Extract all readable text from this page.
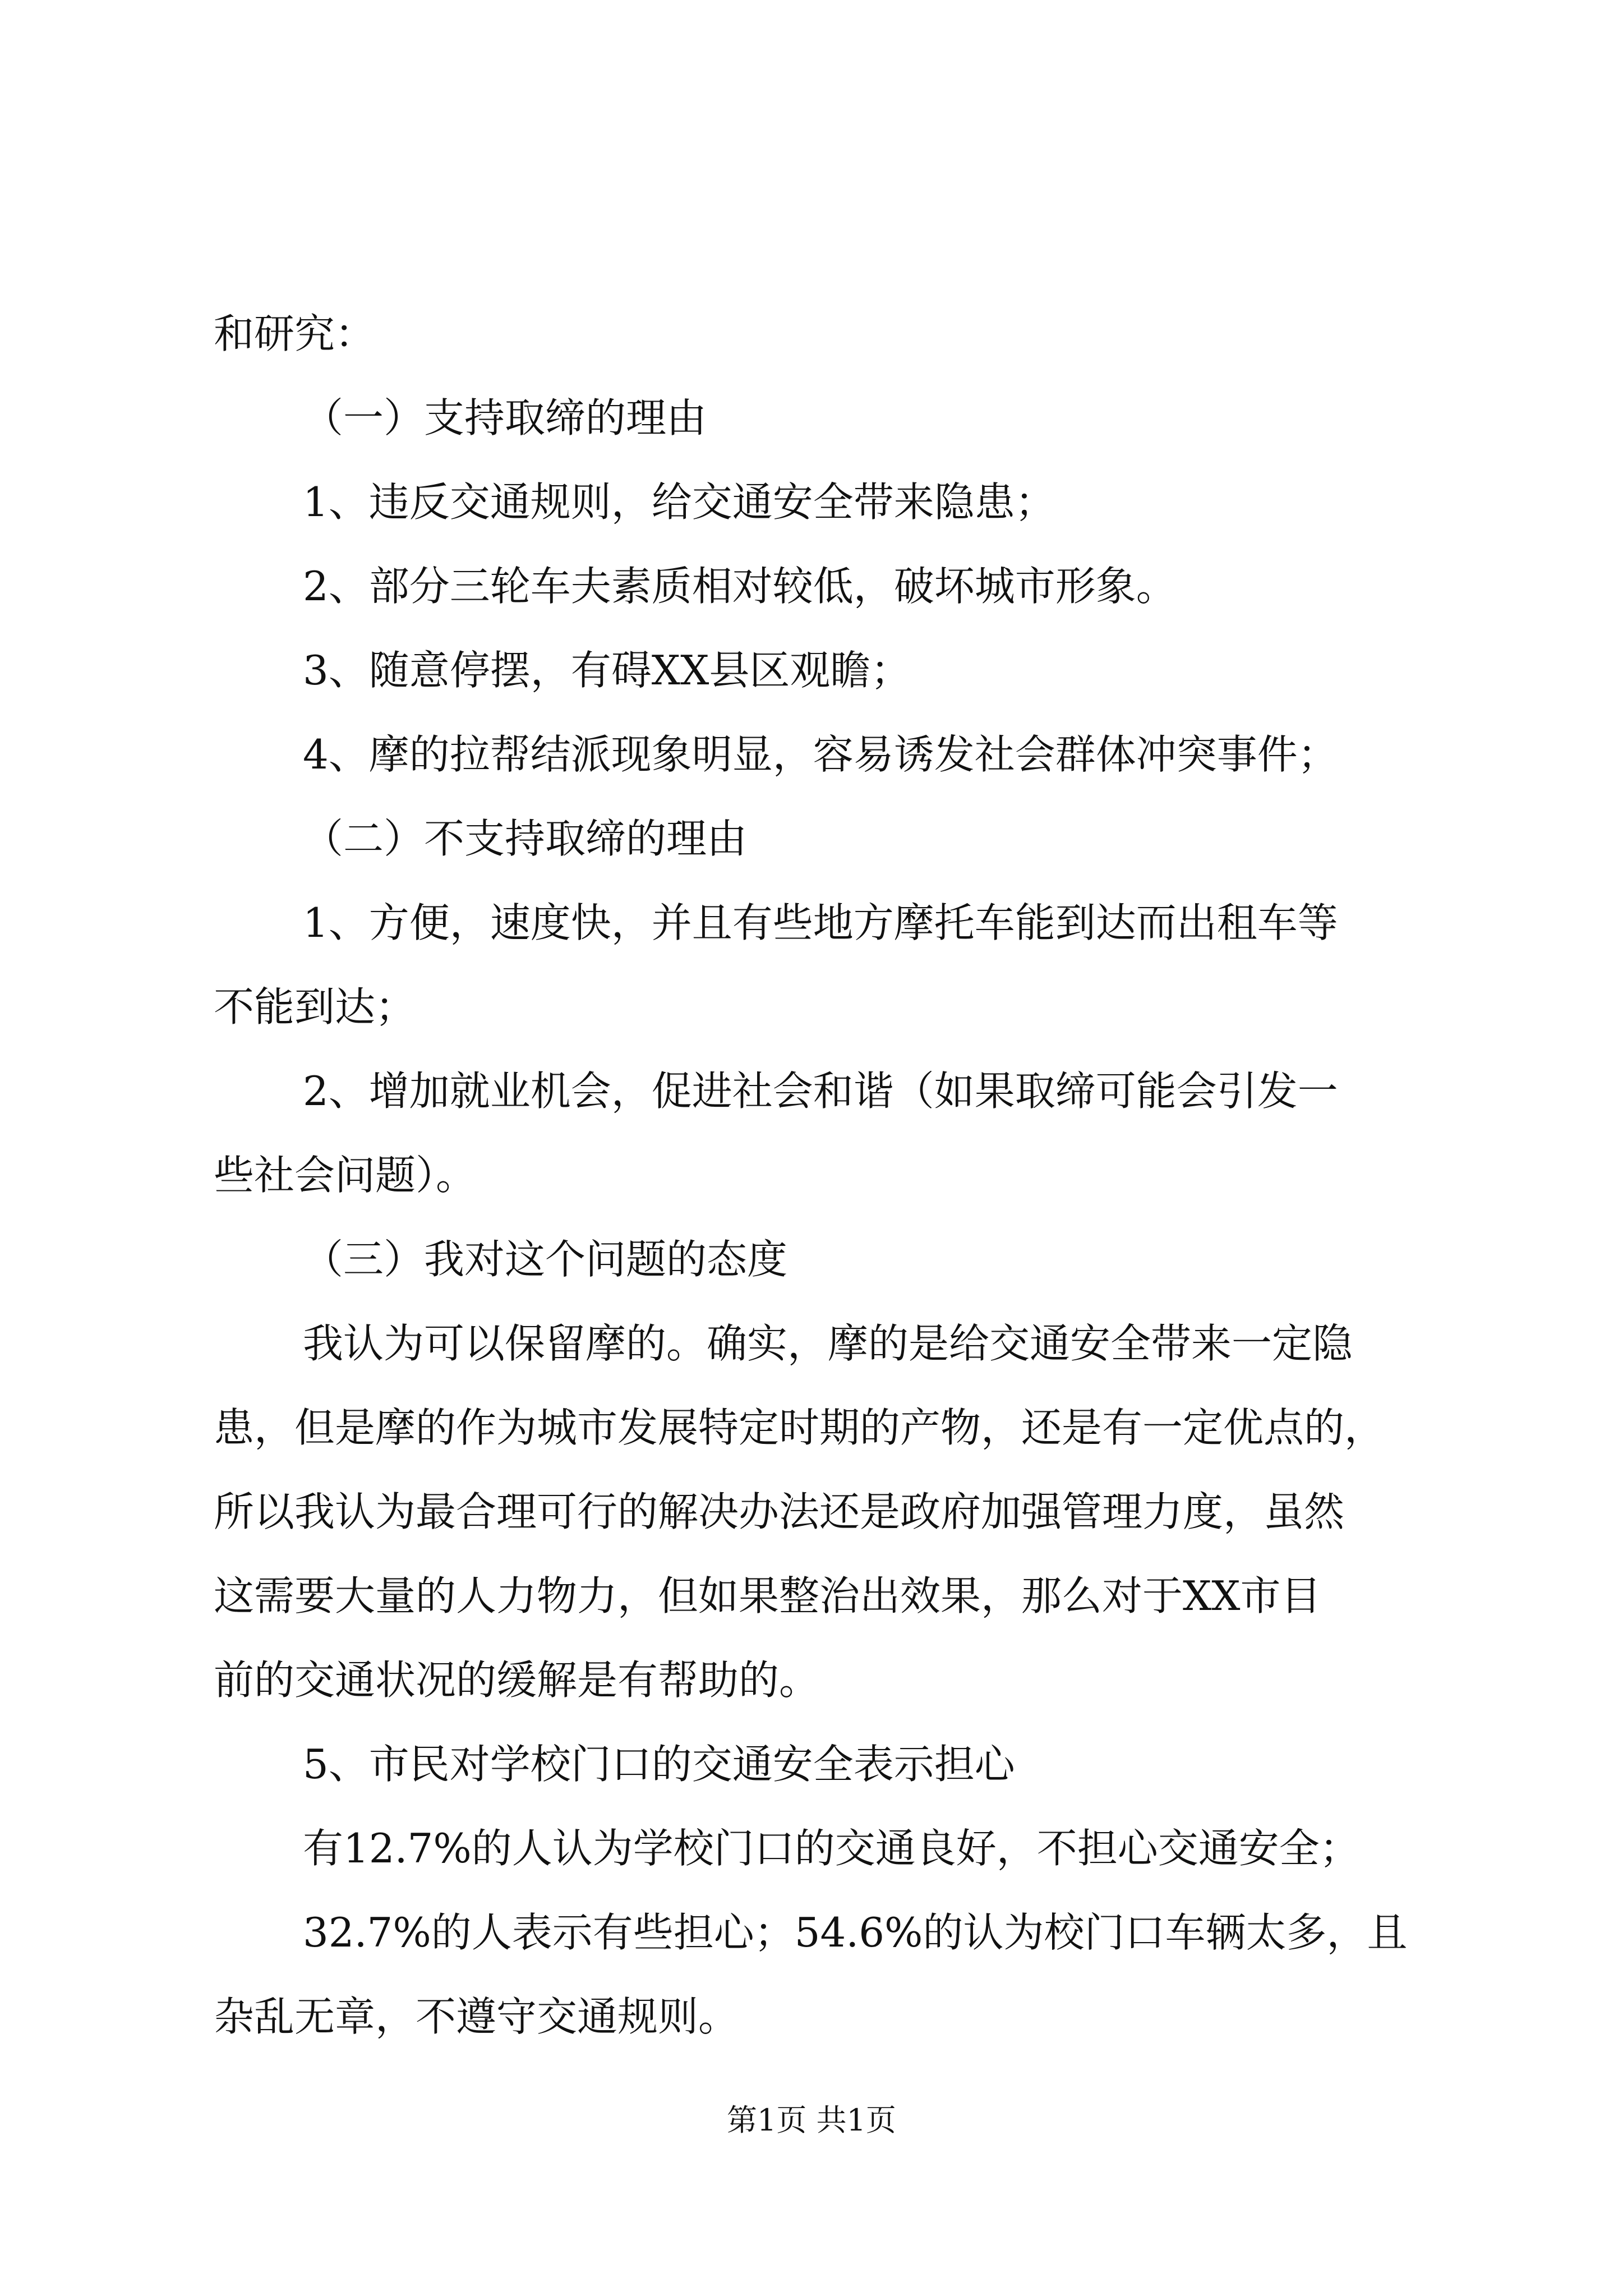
和研究：
（一）支持取缔的理由
1、违反交通规则，给交通安全带来隐患；
2、部分三轮车夫素质相对较低，破坏城市形象。
3、随意停摆，有碍XX县区观瞻；
4、摩的拉帮结派现象明显，容易诱发社会群体冲突事件；
（二）不支持取缔的理由
1、方便，速度快，并且有些地方摩托车能到达而出租车等
不能到达；
2、增加就业机会，促进社会和谐（如果取缔可能会引发一
些社会问题）。
（三）我对这个问题的态度
我认为可以保留摩的。确实，摩的是给交通安全带来一定隐
患，但是摩的作为城市发展特定时期的产物，还是有一定优点的，
所以我认为最合理可行的解决办法还是政府加强管理力度，虽然
这需要大量的人力物力，但如果整治出效果，那么对于XX市目
前的交通状况的缓解是有帮助的。
5、市民对学校门口的交通安全表示担心
有12.7%的人认为学校门口的交通良好，不担心交通安全；
32.7%的人表示有些担心；54.6%的认为校门口车辆太多，且
杂乱无章，不遵守交通规则。
第1页 共1页
